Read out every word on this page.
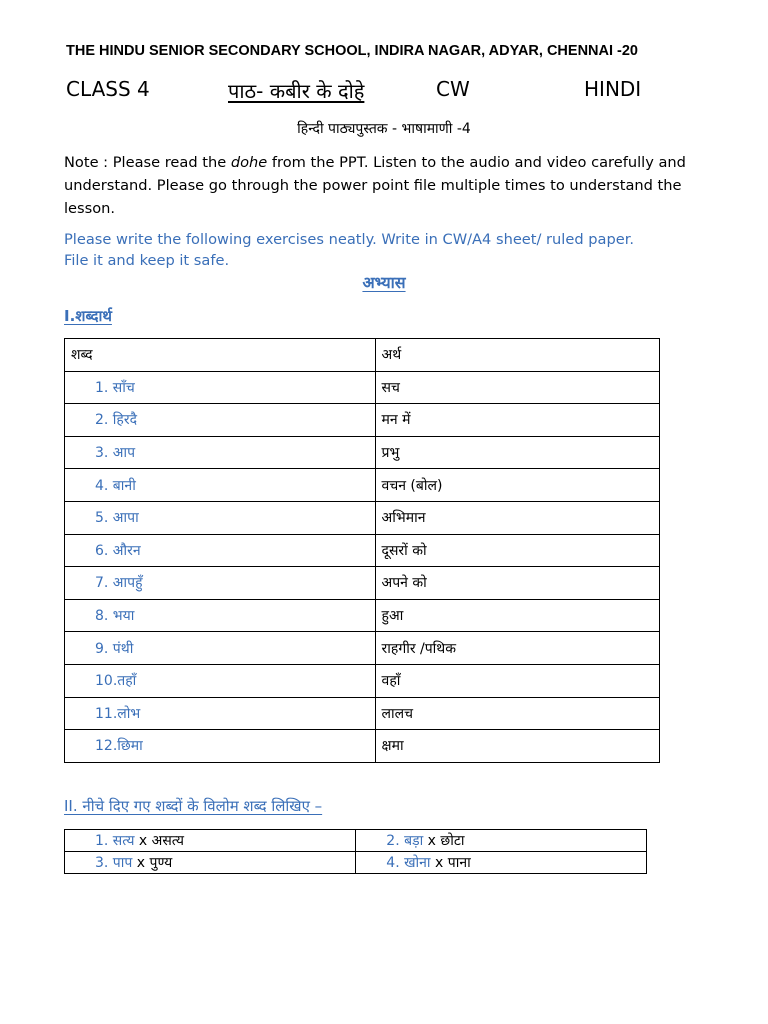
THE HINDU SENIOR SECONDARY SCHOOL, INDIRA NAGAR, ADYAR, CHENNAI -20
CLASS 4	पाठ- कबीर के दोहे	CW	HINDI
हिन्दी पाठ्यपुस्तक - भाषामाणी -4
Note : Please read the dohe from the PPT. Listen to the audio and video carefully and understand. Please go through the power point file multiple times to understand the lesson.
Please write the following exercises neatly. Write in CW/A4 sheet/ ruled paper.
File it and keep it safe.
अभ्यास
I.शब्दार्थ
शब्द	अर्थ
1. साँच	सच
2. हिरदै	मन में
3. आप	प्रभु
4. बानी	वचन (बोल)
5. आपा	अभिमान
6. औरन	दूसरों को
7. आपहुँ	अपने को
8. भया	हुआ
9. पंथी	राहगीर /पथिक
10.तहाँ	वहाँ
11.लोभ	लालच
12.छिमा	क्षमा
II. नीचे दिए गए शब्दों के विलोम शब्द लिखिए –
1. सत्य x असत्य	2. बड़ा x छोटा
3. पाप x पुण्य	4. खोना x पाना
